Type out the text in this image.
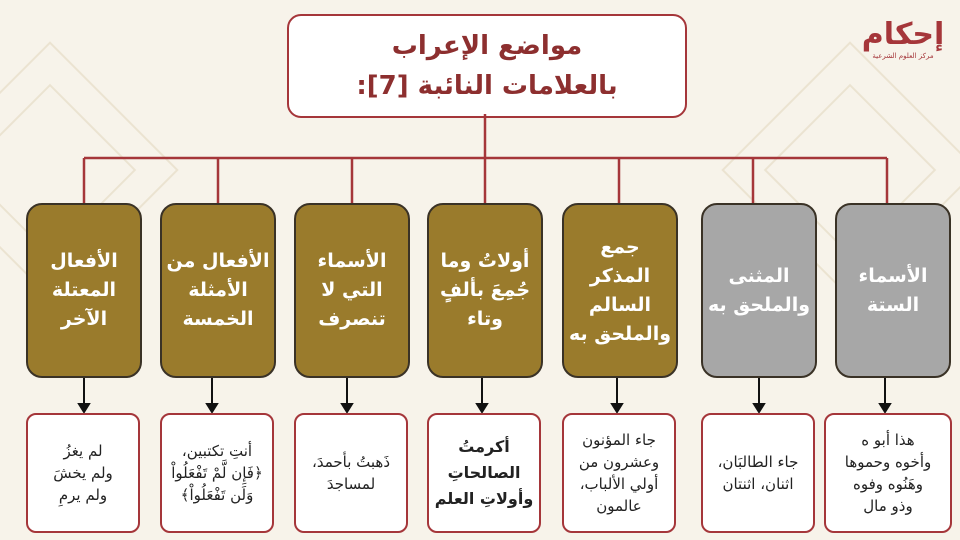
مواضع الإعراب
بالعلامات النائبة [7]:
إحكام
مركز العلوم الشرعية
الأفعال المعتلة الآخر
الأفعال من الأمثلة الخمسة
الأسماء التي لا تنصرف
أولاتُ وما جُمِعَ بألفٍ وتاء
جمع المذكر السالم والملحق به
المثنى والملحق به
الأسماء الستة
لم يغزُ
ولم يخشَ
ولم يرمِ
أنتِ تكتبين،
﴿فَإِن لَّمْ تَفْعَلُواْ
وَلَن تَفْعَلُواْ﴾
ذَهبتُ بأحمدَ،
لمساجدَ
أكرمتُ
الصالحاتِ
وأولاتِ العلم
جاء المؤنون
وعشرون من
أولي الألباب،
عالمون
جاء الطالبَان،
اثنان، اثنتان
هذا أبو ه
وأخوه وحموها
وهَنُوه وفوه
وذو مال
